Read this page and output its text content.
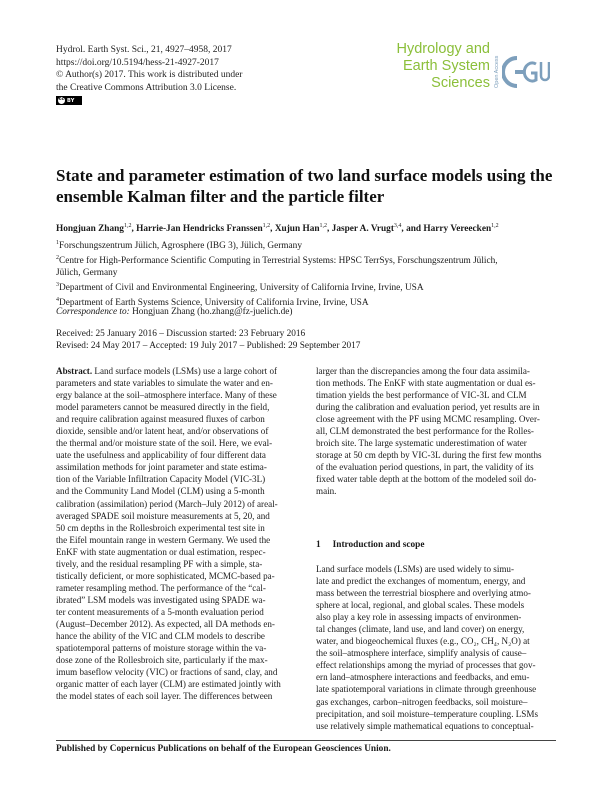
Hydrol. Earth Syst. Sci., 21, 4927–4958, 2017
https://doi.org/10.5194/hess-21-4927-2017
© Author(s) 2017. This work is distributed under
the Creative Commons Attribution 3.0 License.
cc BY
Hydrology and
Earth System
Sciences Open Access
State and parameter estimation of two land surface models using the
ensemble Kalman filter and the particle filter
Hongjuan Zhang$^{1,2}$, Harrie-Jan Hendricks Franssen$^{1,2}$, Xujun Han$^{1,2}$, Jasper A. Vrugt$^{3,4}$, and Harry Vereecken$^{1,2}$
$^1$Forschungszentrum Jülich, Agrosphere (IBG 3), Jülich, Germany
$^2$Centre for High-Performance Scientific Computing in Terrestrial Systems: HPSC TerrSys, Forschungszentrum Jülich,
Jülich, Germany
$^3$Department of Civil and Environmental Engineering, University of California Irvine, Irvine, USA
$^4$Department of Earth Systems Science, University of California Irvine, Irvine, USA
Correspondence to: Hongjuan Zhang (ho.zhang@fz-juelich.de)
Received: 25 January 2016 – Discussion started: 23 February 2016
Revised: 24 May 2017 – Accepted: 19 July 2017 – Published: 29 September 2017

Abstract. Land surface models (LSMs) use a large cohort of

parameters and state variables to simulate the water and en-

ergy balance at the soil–atmosphere interface. Many of these

model parameters cannot be measured directly in the field,

and require calibration against measured fluxes of carbon

dioxide, sensible and/or latent heat, and/or observations of

the thermal and/or moisture state of the soil. Here, we eval-

uate the usefulness and applicability of four different data

assimilation methods for joint parameter and state estima-

tion of the Variable Infiltration Capacity Model (VIC-3L)

and the Community Land Model (CLM) using a 5-month

calibration (assimilation) period (March–July 2012) of areal-

averaged SPADE soil moisture measurements at 5, 20, and

50 cm depths in the Rollesbroich experimental test site in

the Eifel mountain range in western Germany. We used the

EnKF with state augmentation or dual estimation, respec-

tively, and the residual resampling PF with a simple, sta-

tistically deficient, or more sophisticated, MCMC-based pa-

rameter resampling method. The performance of the “cal-

ibrated” LSM models was investigated using SPADE wa-

ter content measurements of a 5-month evaluation period

(August–December 2012). As expected, all DA methods en-

hance the ability of the VIC and CLM models to describe

spatiotemporal patterns of moisture storage within the va-

dose zone of the Rollesbroich site, particularly if the max-

imum baseflow velocity (VIC) or fractions of sand, clay, and

organic matter of each layer (CLM) are estimated jointly with

the model states of each soil layer. The differences between

larger than the discrepancies among the four data assimila-

tion methods. The EnKF with state augmentation or dual es-

timation yields the best performance of VIC-3L and CLM

during the calibration and evaluation period, yet results are in

close agreement with the PF using MCMC resampling. Over-

all, CLM demonstrated the best performance for the Rolles-

broich site. The large systematic underestimation of water

storage at 50 cm depth by VIC-3L during the first few months

of the evaluation period questions, in part, the validity of its

fixed water table depth at the bottom of the modeled soil do-

main.

1 Introduction and scope

Land surface models (LSMs) are used widely to simu-

late and predict the exchanges of momentum, energy, and

mass between the terrestrial biosphere and overlying atmo-

sphere at local, regional, and global scales. These models

also play a key role in assessing impacts of environmen-

tal changes (climate, land use, and land cover) on energy,

water, and biogeochemical fluxes (e.g., CO₂, CH₄, N₂O) at

the soil–atmosphere interface, simplify analysis of cause–

effect relationships among the myriad of processes that gov-

ern land–atmosphere interactions and feedbacks, and emu-

late spatiotemporal variations in climate through greenhouse

gas exchanges, carbon–nitrogen feedbacks, soil moisture–

precipitation, and soil moisture–temperature coupling. LSMs

use relatively simple mathematical equations to conceptual-

Published by Copernicus Publications on behalf of the European Geosciences Union.
